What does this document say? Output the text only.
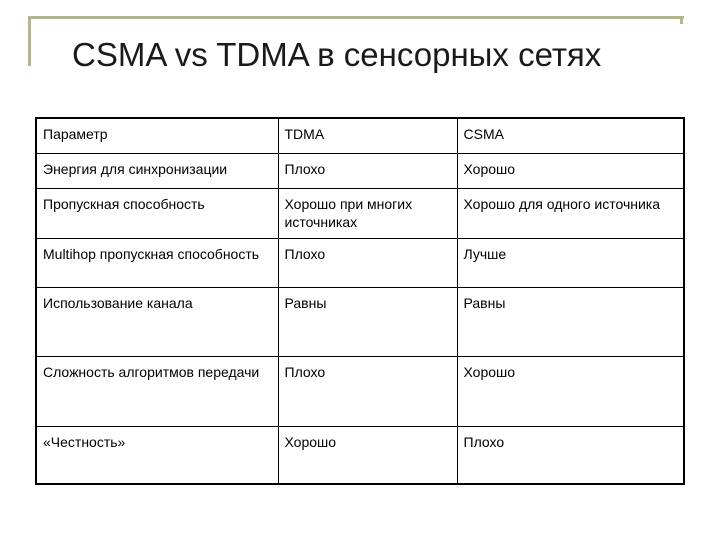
CSMA vs TDMA в сенсорных сетях
Параметр	TDMA	CSMA
Энергия для синхронизации	Плохо	Хорошо
Пропускная способность	Хорошо при многих источниках	Хорошо для одного источника
Multihop пропускная способность	Плохо	Лучше
Использование канала	Равны	Равны
Сложность алгоритмов передачи	Плохо	Хорошо
«Честность»	Хорошо	Плохо
